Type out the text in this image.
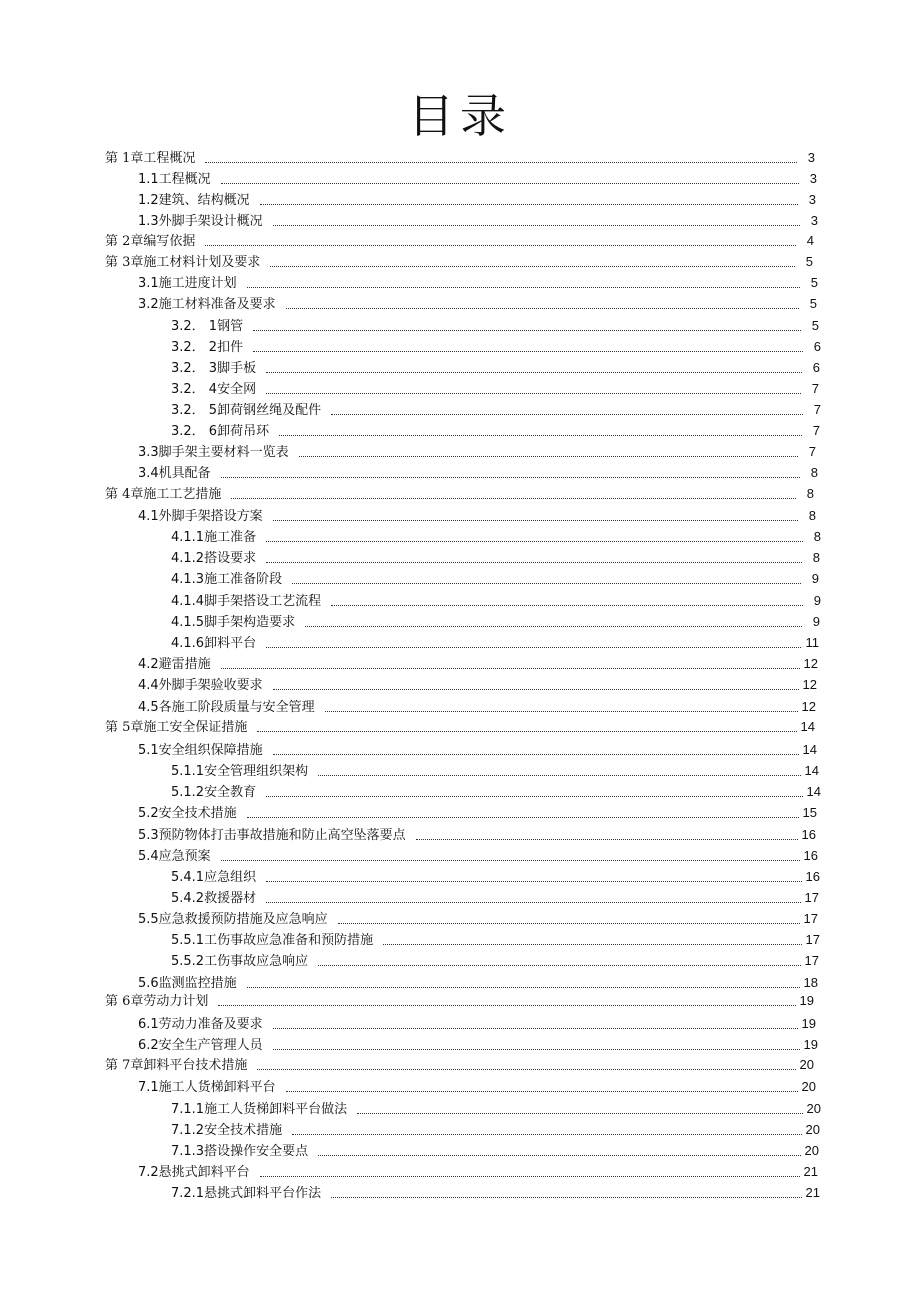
目录
第 1章工程概况	3
1.1工程概况	3
1.2建筑、结构概况	3
1.3外脚手架设计概况	3
第 2章编写依据	4
第 3章施工材料计划及要求	5
3.1施工进度计划	5
3.2施工材料准备及要求	5
3.2． 1钢管	5
3.2． 2扣件	6
3.2． 3脚手板	6
3.2． 4安全网	7
3.2． 5卸荷钢丝绳及配件	7
3.2． 6卸荷吊环	7
3.3脚手架主要材料一览表	7
3.4机具配备	8
第 4章施工工艺措施	8
4.1外脚手架搭设方案	8
4.1.1施工准备	8
4.1.2搭设要求	8
4.1.3施工准备阶段	9
4.1.4脚手架搭设工艺流程	9
4.1.5脚手架构造要求	9
4.1.6卸料平台	11
4.2避雷措施	12
4.4外脚手架验收要求	12
4.5各施工阶段质量与安全管理	12
第 5章施工安全保证措施	14
5.1安全组织保障措施	14
5.1.1安全管理组织架构	14
5.1.2安全教育	14
5.2安全技术措施	15
5.3预防物体打击事故措施和防止高空坠落要点	16
5.4应急预案	16
5.4.1应急组织	16
5.4.2救援器材	17
5.5应急救援预防措施及应急响应	17
5.5.1工伤事故应急准备和预防措施	17
5.5.2工伤事故应急响应	17
5.6监测监控措施	18
第 6章劳动力计划	19
6.1劳动力准备及要求	19
6.2安全生产管理人员	19
第 7章卸料平台技术措施	20
7.1施工人货梯卸料平台	20
7.1.1施工人货梯卸料平台做法	20
7.1.2安全技术措施	20
7.1.3搭设操作安全要点	20
7.2悬挑式卸料平台	21
7.2.1悬挑式卸料平台作法	21
